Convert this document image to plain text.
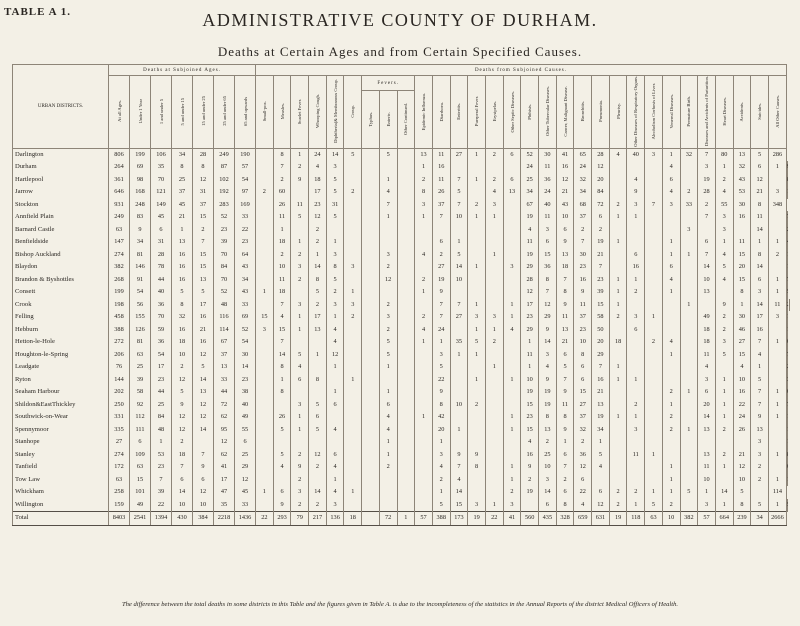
TABLE A 1.	ADMINISTRATIVE COUNTY OF DURHAM.
Deaths at Certain Ages and from Certain Specified Causes.
URBAN DISTRICTS.	Deaths at Subjoined Ages.							Deaths from Subjoined Causes.																														
	At all Ages.	Under 1 Year	1 and under 5	5 and under 15	15 and under 25	25 and under 65	65 and upwards	Small-pox.	Measles.	Scarlet Fever.	Whooping Cough.	Diphtheria(& Membranous Croup.	Croup.	Fevers.			Epidemic Influenza.	Diarrhoea.	Enteritis.	Puerperal Fever.	Erysipelas.	Other Septic Diseases.	Phthisis.	Other Tubercular Diseases.	Cancer, Malignant Disease.	Bronchitis.	Pneumonia.	Pleurisy.	Other Diseases of Respiratory Organs.	Alcoholism Cirrhosis of Liver.	Venereal Diseases.	Premature Birth.	Diseases and Accidents of Parturition.	Heart Diseases.	Accidents.	Suicides.	All Other Causes.	
														Typhus.	Enteric.	Other Continued.																						
Darlington	806	199	106	34	28	249	190		8	1	24	14	5		5		13	11	27	1	2	6	52	30	41	65	28	4	40	3	1	32	7	80	13	5	286	
Durham	264	69	35	8	8	87	57		7	2	4	3					1	16					24	11	16	24	12				4		3	1	32	6	1	
Hartlepool	361	98	70	25	12	102	54		2	9	18	5			1		2	11	7	1	2	6	25	36	12	32	20		4		6		19	2	43	12		
Jarrow	646	168	121	37	31	192	97	2	60		17	5	2		4		8	26	5		4	13	34	24	21	34	84		9		4	2	28	4	53	21	3	
Stockton	931	248	149	45	37	283	169		26	11	23	31			7		3	37	7	2	3		67	40	43	68	72	2	3	7	3	33	2	55	30	8	348	
Annfield Plain	249	83	45	21	15	52	33		11	5	12	5			1		1	7	10	1	1		19	11	10	37	6	1	1				7	3	16	11		
Barnard Castle	63	9	6	1	2	23	22		1		2												4	3	6	2	2					3		3		14		
Benfieldside	147	34	31	13	7	39	23		18	1	2	1						6	1				11	6	9	7	19	1			1		6	1	11	1	1	
Bishop Auckland	274	81	28	16	15	70	64		2	2	1	3			3		4	2	5		1		19	15	13	30	21		6		1	1	7	4	15	8	2	
Blaydon	382	146	78	16	15	84	43		10	3	14	8	3		2			27	14	1		3	29	36	18	23	7		16		6		14	5	20	14		
Brandon & Byshottles	268	91	44	16	13	70	34		11	2	8	5			12		2	19	10				28	8	7	16	23	1	1		4		10	4	15	6	1	
Consett	199	54	40	5	5	52	43	1	18		5	2	1				1	9					12	7	8	9	39	1	2		1		13		8	3	1	
Crook	198	56	36	8	17	48	33		7	3	2	3	3		2			7	7	1		1	17	12	9	11	15	1				1		9	1	14	11		
Felling	458	155	70	32	16	116	69	15	4	1	17	1	2		3		2	7	27	3	3	1	23	29	11	37	58	2	3	1			49	2	30	17	3	
Hebburn	388	126	59	16	21	114	52	3	15	1	13	4			2		4	24		1	1	4	29	9	13	23	50		6				18	2	46	16		
Hetton-le-Hole	272	81	36	18	16	67	54		7			4			5		1	1	35	5	2		1	14	21	10	20	18		2	4		18	3	27	7	1	
Houghton-le-Spring	206	63	54	10	12	37	30		14	5	1	12			5			3	1	1			11	3	6	8	29				1		11	5	15	4		
Leadgate	76	25	17	2	5	13	14		8	4		1			1			5			1		1	4	5	6	7	1					4		4	1		
Ryton	144	39	23	12	14	33	23		1	6	8		1					22		1		1	10	9	7	6	16	1	1				3	1	10	5		
Seaham Harbour	202	58	44	5	13	44	38		8			1			1			9					19	19	9	15	21				2	1	6	1	16	7	1	
Shildon&EastThickley	250	92	25	9	12	72	40			3	5	6			6			8	10	2			15	19	11	27	13		2		1		20	1	22	7	1	
Southwick-on-Wear	331	112	84	12	12	62	49		26	1	6				4		1	42				1	23	8	8	37	19	1	1		2		14	1	24	9	1	
Spennymoor	335	111	48	12	14	95	55		5	1	5	4			4			20	1			1	15	13	9	32	34		3		2	1	13	2	26	13		
Stanhope	27	6	1	2		12	6								1			1					4	2	1	2	1									3		
Stanley	274	109	53	18	7	62	25		5	2	12	6			1			3	9	9			16	25	6	36	5		11	1			13	2	21	3	1	
Tanfield	172	63	23	7	9	41	29		4	9	2	4			2			4	7	8		1	9	10	7	12	4				1		11	1	12	2		
Tow Law	63	15	7	6	6	17	12			2		1						2	4			1	2	3	2	6					1		10		10	2	1	
Whickham	258	101	39	14	12	47	45	1	6	3	14	4	1					1	14			2	19	14	6	22	6	2	2	1	1	5	1	14	5		114	
Willington	159	49	22	10	10	35	33		9	2	2	3						5	15	3	1	3		6	8	4	12	2	1	5	2		3	1	8	5	1	
Total	8403	2541	1394	430	384	2218	1436	22	293	79	217	136	18		72	1	57	388	173	19	22	41	560	435	328	659	631	19	118	63	10	382	57	664	239	34	2666	
The difference between the total deaths in some districts in this Table and the figures given in Table A. is due to the incompleteness of the statistics in the Annual Reports of the district Medical Officers of Health.
